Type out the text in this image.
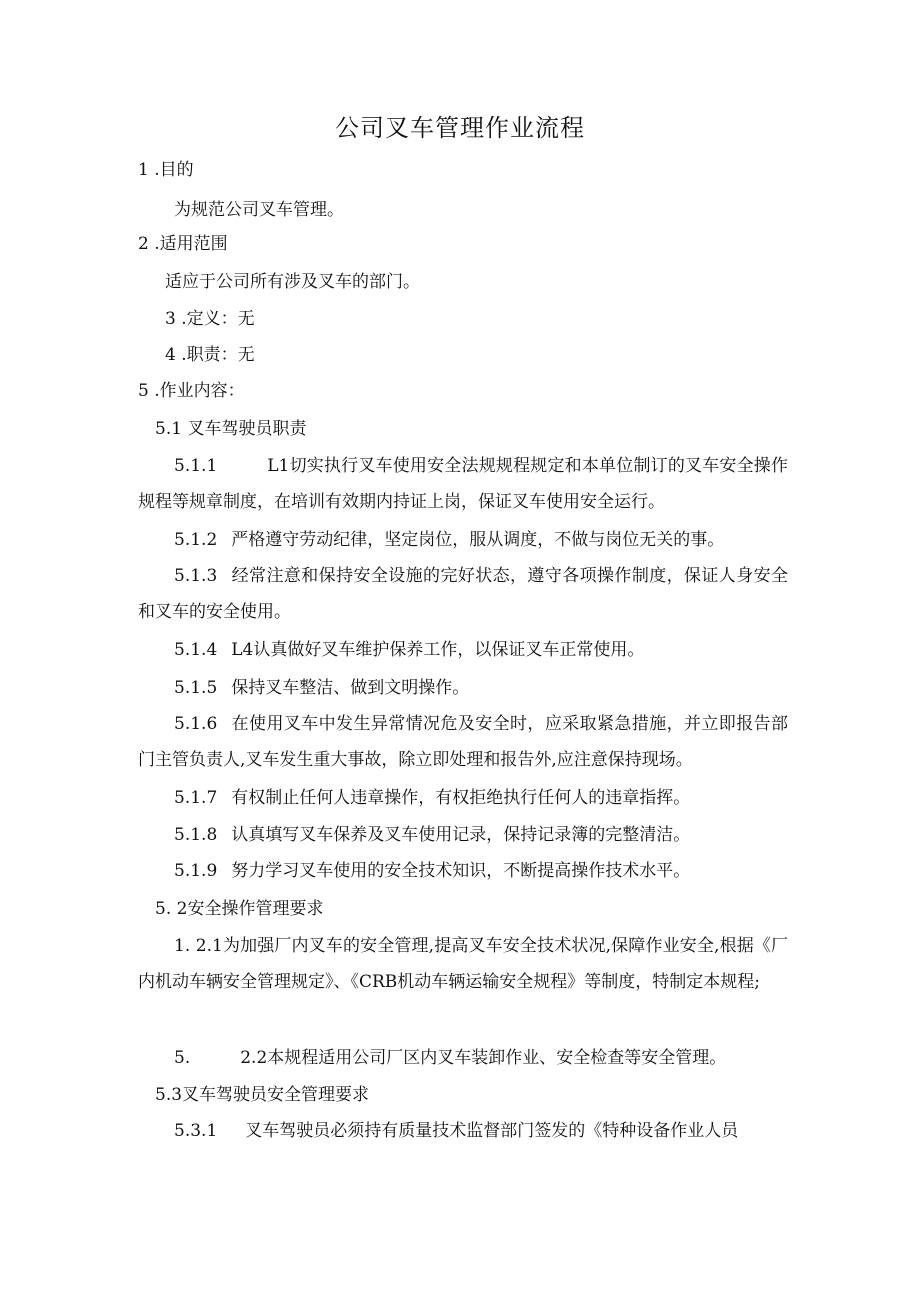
公司叉车管理作业流程

1 .目的

为规范公司叉车管理。

2 .适用范围

适应于公司所有涉及叉车的部门。

3 .定义：无

4 .职责：无

5 .作业内容：

5.1 叉车驾驶员职责

5.1.1	L1切实执行叉车使用安全法规规程规定和本单位制订的叉车安全操作规程等规章制度，在培训有效期内持证上岗，保证叉车使用安全运行。

5.1.2 严格遵守劳动纪律，坚定岗位，服从调度，不做与岗位无关的事。

5.1.3 经常注意和保持安全设施的完好状态，遵守各项操作制度，保证人身安全和叉车的安全使用。

5.1.4 L4认真做好叉车维护保养工作，以保证叉车正常使用。

5.1.5 保持叉车整洁、做到文明操作。

5.1.6 在使用叉车中发生异常情况危及安全时，应采取紧急措施，并立即报告部门主管负责人,叉车发生重大事故，除立即处理和报告外,应注意保持现场。

5.1.7 有权制止任何人违章操作，有权拒绝执行任何人的违章指挥。

5.1.8 认真填写叉车保养及叉车使用记录，保持记录簿的完整清洁。

5.1.9 努力学习叉车使用的安全技术知识，不断提高操作技术水平。

5. 2安全操作管理要求

1. 2.1为加强厂内叉车的安全管理,提高叉车安全技术状况,保障作业安全,根据《厂内机动车辆安全管理规定》、《CRB机动车辆运输安全规程》等制度，特制定本规程;

5.	2.2本规程适用公司厂区内叉车装卸作业、安全检查等安全管理。

5.3叉车驾驶员安全管理要求

5.3.1 叉车驾驶员必须持有质量技术监督部门签发的《特种设备作业人员
